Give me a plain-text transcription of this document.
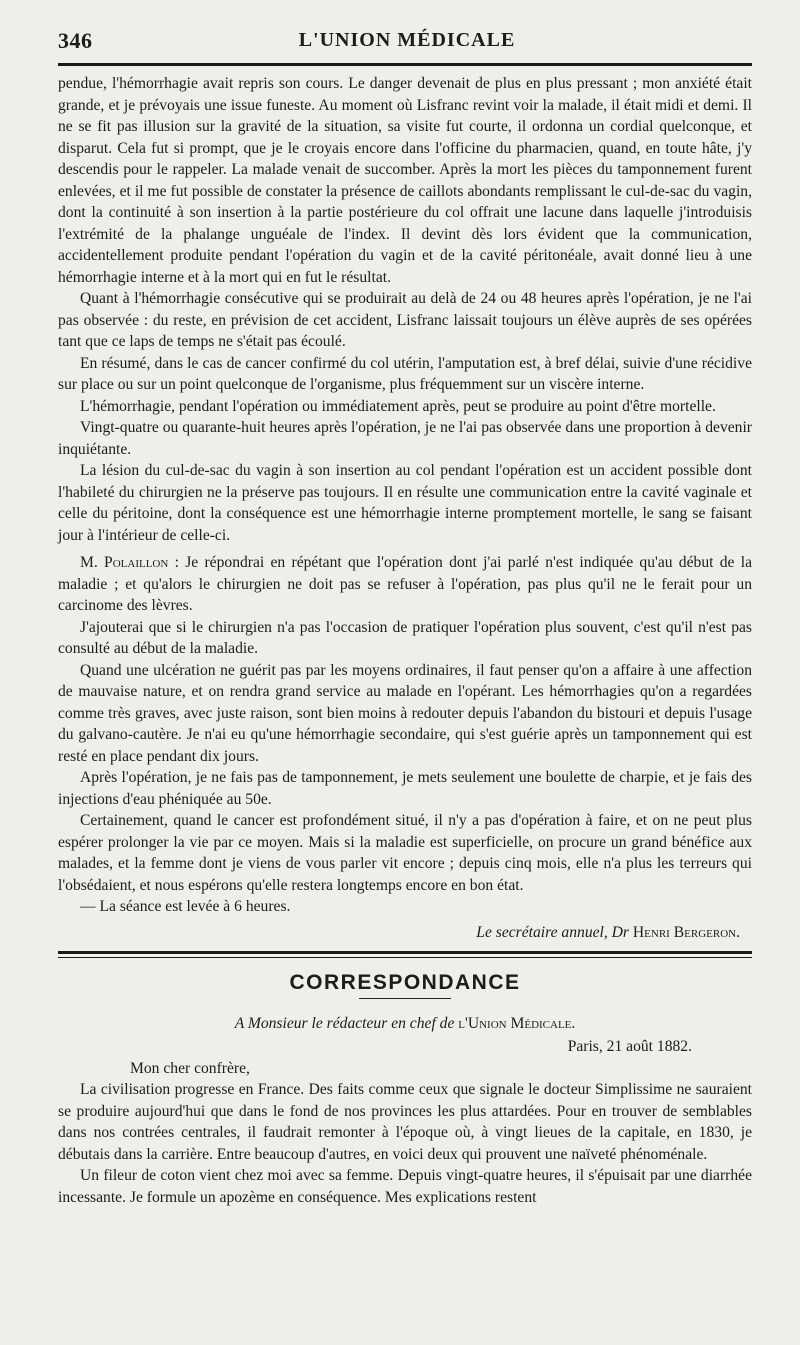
346	L'UNION MÉDICALE

pendue, l'hémorrhagie avait repris son cours. Le danger devenait de plus en plus pressant ; mon anxiété était grande, et je prévoyais une issue funeste. Au moment où Lisfranc revint voir la malade, il était midi et demi. Il ne se fit pas illusion sur la gravité de la situation, sa visite fut courte, il ordonna un cordial quelconque, et disparut. Cela fut si prompt, que je le croyais encore dans l'officine du pharmacien, quand, en toute hâte, j'y descendis pour le rappeler. La malade venait de succomber. Après la mort les pièces du tamponnement furent enlevées, et il me fut possible de constater la présence de caillots abondants remplissant le cul-de-sac du vagin, dont la continuité à son insertion à la partie postérieure du col offrait une lacune dans laquelle j'introduisis l'extrémité de la phalange unguéale de l'index. Il devint dès lors évident que la communication, accidentellement produite pendant l'opération du vagin et de la cavité péritonéale, avait donné lieu à une hémorrhagie interne et à la mort qui en fut le résultat.

Quant à l'hémorrhagie consécutive qui se produirait au delà de 24 ou 48 heures après l'opération, je ne l'ai pas observée : du reste, en prévision de cet accident, Lisfranc laissait toujours un élève auprès de ses opérées tant que ce laps de temps ne s'était pas écoulé.

En résumé, dans le cas de cancer confirmé du col utérin, l'amputation est, à bref délai, suivie d'une récidive sur place ou sur un point quelconque de l'organisme, plus fréquemment sur un viscère interne.

L'hémorrhagie, pendant l'opération ou immédiatement après, peut se produire au point d'être mortelle.

Vingt-quatre ou quarante-huit heures après l'opération, je ne l'ai pas observée dans une proportion à devenir inquiétante.

La lésion du cul-de-sac du vagin à son insertion au col pendant l'opération est un accident possible dont l'habileté du chirurgien ne la préserve pas toujours. Il en résulte une communication entre la cavité vaginale et celle du péritoine, dont la conséquence est une hémorrhagie interne promptement mortelle, le sang se faisant jour à l'intérieur de celle-ci.

M. Polaillon : Je répondrai en répétant que l'opération dont j'ai parlé n'est indiquée qu'au début de la maladie ; et qu'alors le chirurgien ne doit pas se refuser à l'opération, pas plus qu'il ne le ferait pour un carcinome des lèvres.

J'ajouterai que si le chirurgien n'a pas l'occasion de pratiquer l'opération plus souvent, c'est qu'il n'est pas consulté au début de la maladie.

Quand une ulcération ne guérit pas par les moyens ordinaires, il faut penser qu'on a affaire à une affection de mauvaise nature, et on rendra grand service au malade en l'opérant. Les hémorrhagies qu'on a regardées comme très graves, avec juste raison, sont bien moins à redouter depuis l'abandon du bistouri et depuis l'usage du galvano-cautère. Je n'ai eu qu'une hémorrhagie secondaire, qui s'est guérie après un tamponnement qui est resté en place pendant dix jours.

Après l'opération, je ne fais pas de tamponnement, je mets seulement une boulette de charpie, et je fais des injections d'eau phéniquée au 50e.

Certainement, quand le cancer est profondément situé, il n'y a pas d'opération à faire, et on ne peut plus espérer prolonger la vie par ce moyen. Mais si la maladie est superficielle, on procure un grand bénéfice aux malades, et la femme dont je viens de vous parler vit encore ; depuis cinq mois, elle n'a plus les terreurs qui l'obsédaient, et nous espérons qu'elle restera longtemps encore en bon état.

— La séance est levée à 6 heures.

Le secrétaire annuel, Dr Henri Bergeron.
CORRESPONDANCE
A Monsieur le rédacteur en chef de l'Union Médicale.
Paris, 21 août 1882.
Mon cher confrère,

La civilisation progresse en France. Des faits comme ceux que signale le docteur Simplissime ne sauraient se produire aujourd'hui que dans le fond de nos provinces les plus attardées. Pour en trouver de semblables dans nos contrées centrales, il faudrait remonter à l'époque où, à vingt lieues de la capitale, en 1830, je débutais dans la carrière. Entre beaucoup d'autres, en voici deux qui prouvent une naïveté phénoménale.

Un fileur de coton vient chez moi avec sa femme. Depuis vingt-quatre heures, il s'épuisait par une diarrhée incessante. Je formule un apozème en conséquence. Mes explications restent
